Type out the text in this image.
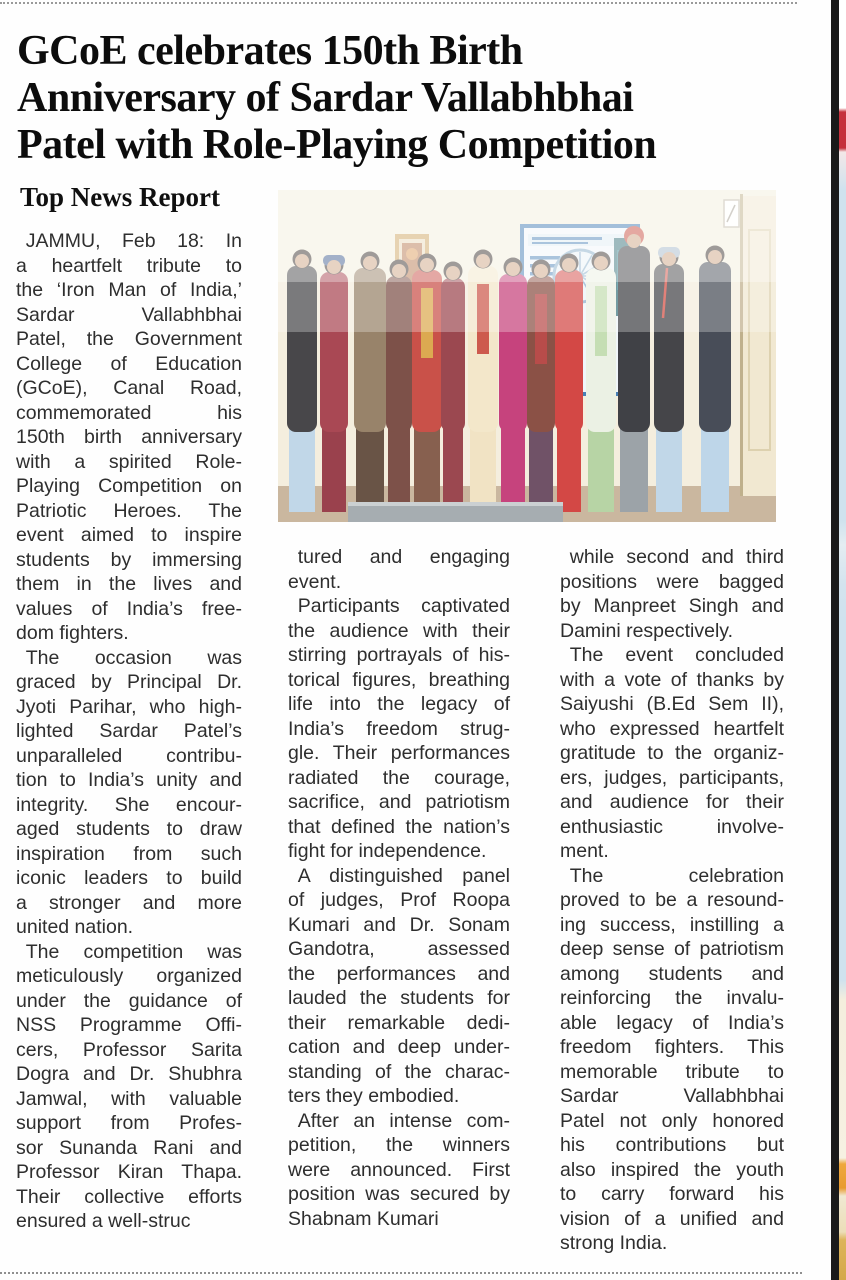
GCoE celebrates 150th Birth
Anniversary of Sardar Vallabhbhai
Patel with Role-Playing Competition
Top News Report
 JAMMU, Feb 18: In
a heartfelt tribute to
the ‘Iron Man of India,’
Sardar Vallabhbhai
Patel, the Government
College of Education
(GCoE), Canal Road,
commemorated his
150th birth anniversary
with a spirited Role-
Playing Competition on
Patriotic Heroes. The
event aimed to inspire
students by immersing
them in the lives and
values of India’s free-
dom fighters.
 The occasion was
graced by Principal Dr.
Jyoti Parihar, who high-
lighted Sardar Patel’s
unparalleled contribu-
tion to India’s unity and
integrity. She encour-
aged students to draw
inspiration from such
iconic leaders to build
a stronger and more
united nation.
 The competition was
meticulously organized
under the guidance of
NSS Programme Offi-
cers, Professor Sarita
Dogra and Dr. Shubhra
Jamwal, with valuable
support from Profes-
sor Sunanda Rani and
Professor Kiran Thapa.
Their collective efforts
ensured a well-struc
 tured and engaging
event.
 Participants captivated
the audience with their
stirring portrayals of his-
torical figures, breathing
life into the legacy of
India’s freedom strug-
gle. Their performances
radiated the courage,
sacrifice, and patriotism
that defined the nation’s
fight for independence.
 A distinguished panel
of judges, Prof Roopa
Kumari and Dr. Sonam
Gandotra, assessed
the performances and
lauded the students for
their remarkable dedi-
cation and deep under-
standing of the charac-
ters they embodied.
 After an intense com-
petition, the winners
were announced. First
position was secured by
Shabnam Kumari
 while second and third
positions were bagged
by Manpreet Singh and
Damini respectively.
 The event concluded
with a vote of thanks by
Saiyushi (B.Ed Sem II),
who expressed heartfelt
gratitude to the organiz-
ers, judges, participants,
and audience for their
enthusiastic involve-
ment.
 The celebration
proved to be a resound-
ing success, instilling a
deep sense of patriotism
among students and
reinforcing the invalu-
able legacy of India’s
freedom fighters. This
memorable tribute to
Sardar Vallabhbhai
Patel not only honored
his contributions but
also inspired the youth
to carry forward his
vision of a unified and
strong India.
